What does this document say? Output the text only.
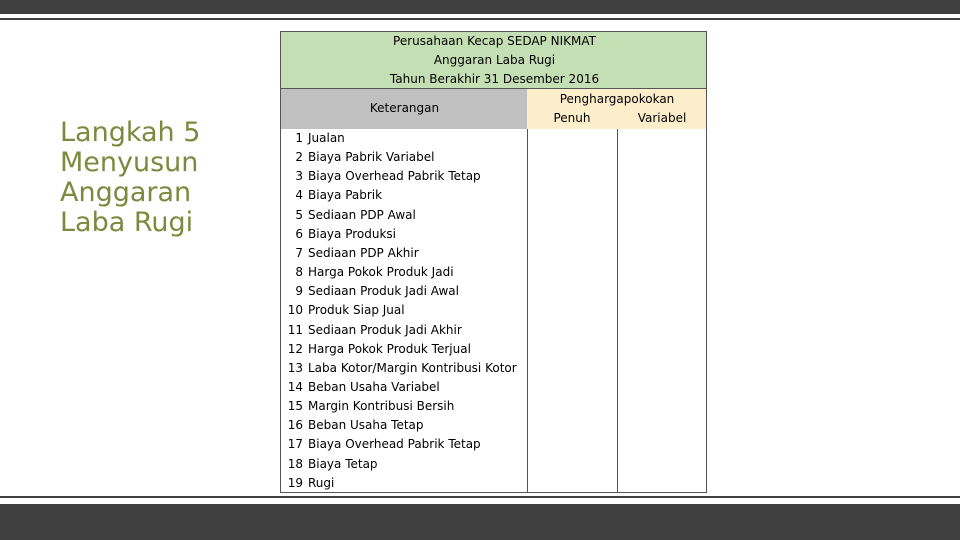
Langkah 5
Menyusun
Anggaran
Laba Rugi
Perusahaan Kecap SEDAP NIKMAT
Anggaran Laba Rugi
Tahun Berakhir 31 Desember 2016
Keterangan
Penghargapokokan
Penuh	Variabel
1 Jualan
2 Biaya Pabrik Variabel
3 Biaya Overhead Pabrik Tetap
4 Biaya Pabrik
5 Sediaan PDP Awal
6 Biaya Produksi
7 Sediaan PDP Akhir
8 Harga Pokok Produk Jadi
9 Sediaan Produk Jadi Awal
10 Produk Siap Jual
11 Sediaan Produk Jadi Akhir
12 Harga Pokok Produk Terjual
13 Laba Kotor/Margin Kontribusi Kotor
14 Beban Usaha Variabel
15 Margin Kontribusi Bersih
16 Beban Usaha Tetap
17 Biaya Overhead Pabrik Tetap
18 Biaya Tetap
19 Rugi
